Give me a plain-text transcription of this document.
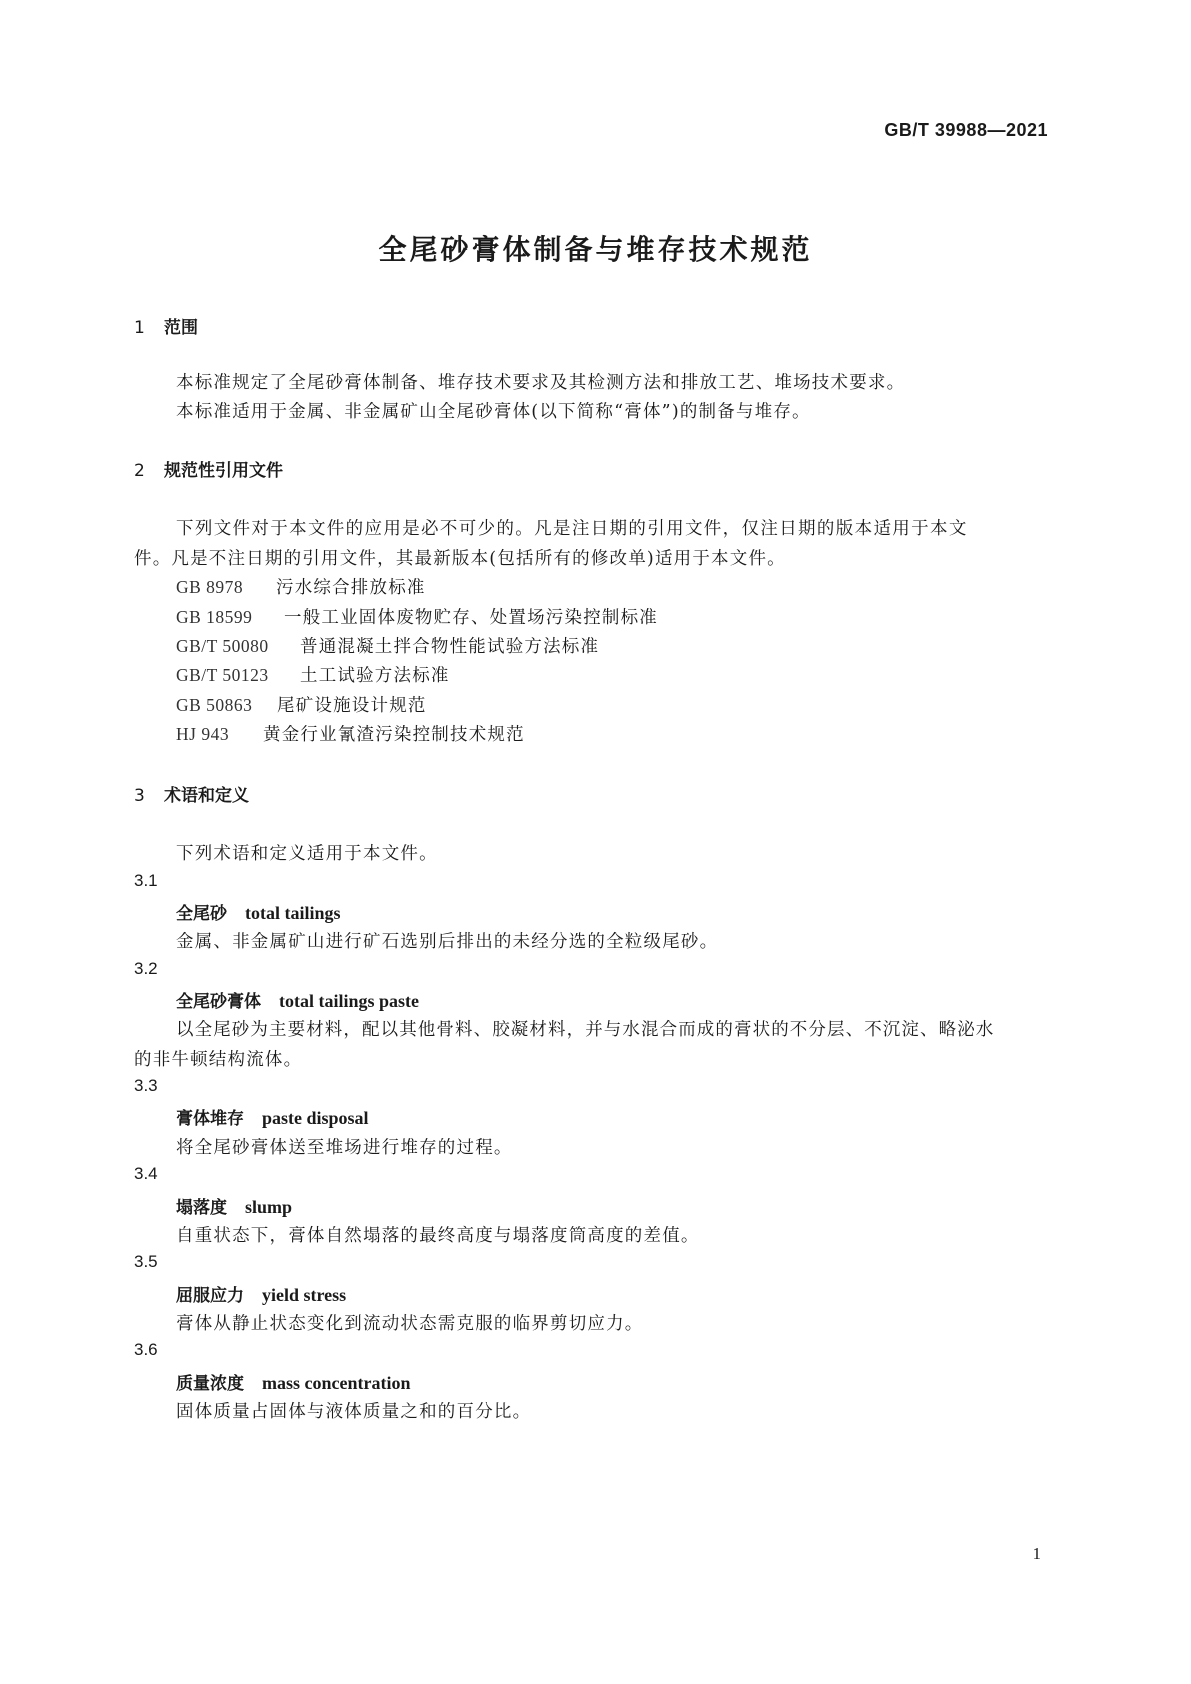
GB/T 39988—2021
全尾砂膏体制备与堆存技术规范
1 范围
本标准规定了全尾砂膏体制备、堆存技术要求及其检测方法和排放工艺、堆场技术要求。
本标准适用于金属、非金属矿山全尾砂膏体(以下简称“膏体”)的制备与堆存。
2 规范性引用文件
下列文件对于本文件的应用是必不可少的。凡是注日期的引用文件，仅注日期的版本适用于本文
件。凡是不注日期的引用文件，其最新版本(包括所有的修改单)适用于本文件。
GB 8978 污水综合排放标准
GB 18599 一般工业固体废物贮存、处置场污染控制标准
GB/T 50080 普通混凝土拌合物性能试验方法标准
GB/T 50123 土工试验方法标准
GB 50863 尾矿设施设计规范
HJ 943 黄金行业氰渣污染控制技术规范
3 术语和定义
下列术语和定义适用于本文件。
3.1
全尾砂 total tailings
金属、非金属矿山进行矿石选别后排出的未经分选的全粒级尾砂。
3.2
全尾砂膏体 total tailings paste
以全尾砂为主要材料，配以其他骨料、胶凝材料，并与水混合而成的膏状的不分层、不沉淀、略泌水
的非牛顿结构流体。
3.3
膏体堆存 paste disposal
将全尾砂膏体送至堆场进行堆存的过程。
3.4
塌落度 slump
自重状态下，膏体自然塌落的最终高度与塌落度筒高度的差值。
3.5
屈服应力 yield stress
膏体从静止状态变化到流动状态需克服的临界剪切应力。
3.6
质量浓度 mass concentration
固体质量占固体与液体质量之和的百分比。
1
